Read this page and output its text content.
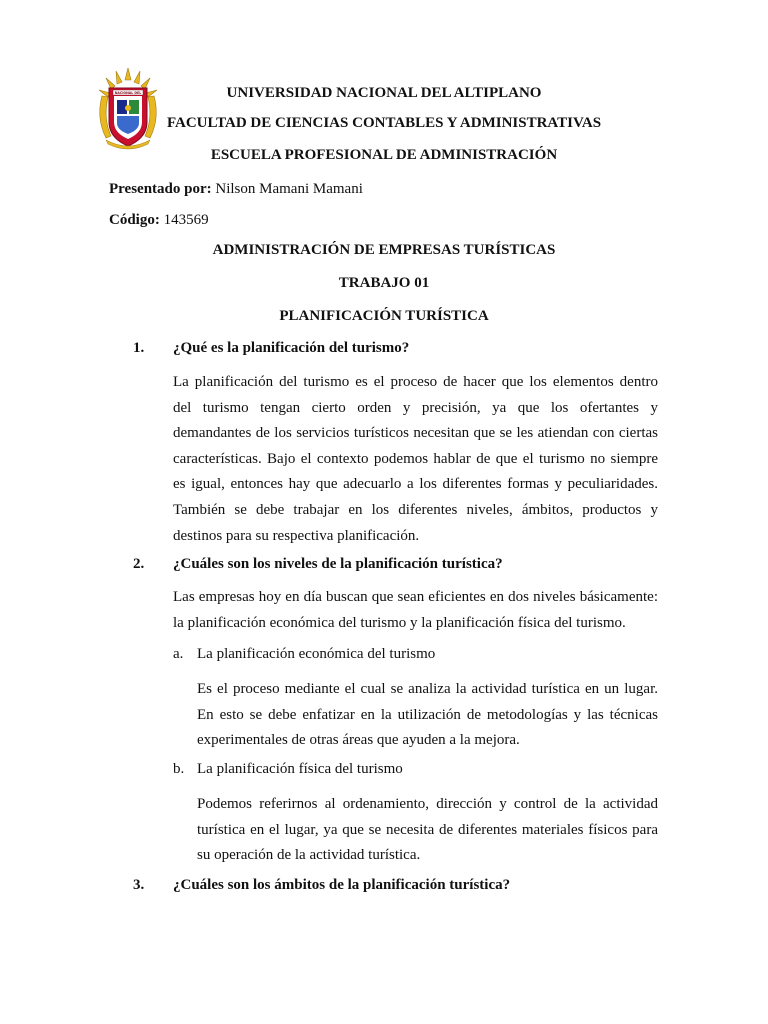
NACIONAL DEL	UNIVERSIDAD NACIONAL DEL ALTIPLANO
FACULTAD DE CIENCIAS CONTABLES Y ADMINISTRATIVAS
ESCUELA PROFESIONAL DE ADMINISTRACIÓN
Presentado por: Nilson Mamani Mamani
Código: 143569
ADMINISTRACIÓN DE EMPRESAS TURÍSTICAS
TRABAJO 01
PLANIFICACIÓN TURÍSTICA
1. ¿Qué es la planificación del turismo?
La planificación del turismo es el proceso de hacer que los elementos dentro
del turismo tengan cierto orden y precisión, ya que los ofertantes y
demandantes de los servicios turísticos necesitan que se les atiendan con ciertas
características. Bajo el contexto podemos hablar de que el turismo no siempre
es igual, entonces hay que adecuarlo a los diferentes formas y peculiaridades.
También se debe trabajar en los diferentes niveles, ámbitos, productos y
destinos para su respectiva planificación.
2. ¿Cuáles son los niveles de la planificación turística?
Las empresas hoy en día buscan que sean eficientes en dos niveles básicamente:
la planificación económica del turismo y la planificación física del turismo.
a. La planificación económica del turismo
Es el proceso mediante el cual se analiza la actividad turística en un lugar.
En esto se debe enfatizar en la utilización de metodologías y las técnicas
experimentales de otras áreas que ayuden a la mejora.
b. La planificación física del turismo
Podemos referirnos al ordenamiento, dirección y control de la actividad
turística en el lugar, ya que se necesita de diferentes materiales físicos para
su operación de la actividad turística.
3. ¿Cuáles son los ámbitos de la planificación turística?
